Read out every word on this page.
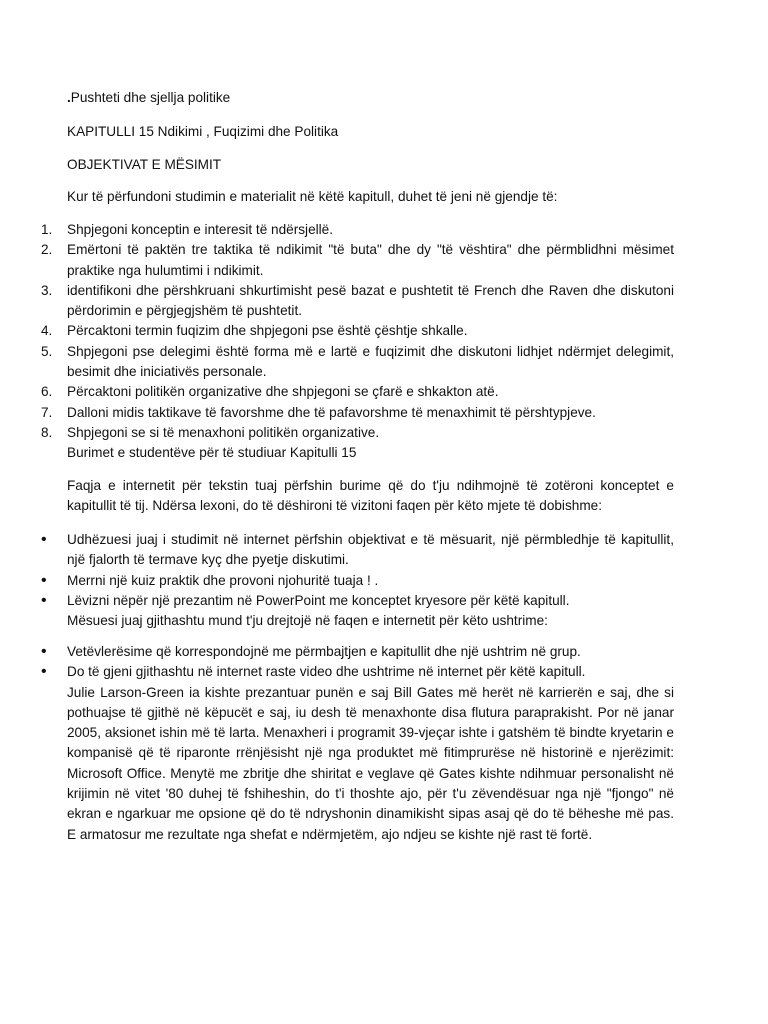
.Pushteti dhe sjellja politike
KAPITULLI 15 Ndikimi , Fuqizimi dhe Politika
OBJEKTIVAT E MËSIMIT
Kur të përfundoni studimin e materialit në këtë kapitull, duhet të jeni në gjendje të:
1. Shpjegoni konceptin e interesit të ndërsjellë.
2. Emërtoni të paktën tre taktika të ndikimit "të buta" dhe dy "të vështira" dhe përmblidhni mësimet praktike nga hulumtimi i ndikimit.
3. identifikoni dhe përshkruani shkurtimisht pesë bazat e pushtetit të French dhe Raven dhe diskutoni përdorimin e përgjegjshëm të pushtetit.
4. Përcaktoni termin fuqizim dhe shpjegoni pse është çështje shkalle.
5. Shpjegoni pse delegimi është forma më e lartë e fuqizimit dhe diskutoni lidhjet ndërmjet delegimit, besimit dhe iniciativës personale.
6. Përcaktoni politikën organizative dhe shpjegoni se çfarë e shkakton atë.
7. Dalloni midis taktikave të favorshme dhe të pafavorshme të menaxhimit të përshtypjeve.
8. Shpjegoni se si të menaxhoni politikën organizative.
Burimet e studentëve për të studiuar Kapitulli 15
Faqja e internetit për tekstin tuaj përfshin burime që do t'ju ndihmojnë të zotëroni konceptet e kapitullit të tij. Ndërsa lexoni, do të dëshironi të vizitoni faqen për këto mjete të dobishme:
• Udhëzuesi juaj i studimit në internet përfshin objektivat e të mësuarit, një përmbledhje të kapitullit, një fjalorth të termave kyç dhe pyetje diskutimi.
• Merrni një kuiz praktik dhe provoni njohuritë tuaja ! .
• Lëvizni nëpër një prezantim në PowerPoint me konceptet kryesore për këtë kapitull.
Mësuesi juaj gjithashtu mund t'ju drejtojë në faqen e internetit për këto ushtrime:
• Vetëvlerësime që korrespondojnë me përmbajtjen e kapitullit dhe një ushtrim në grup.
• Do të gjeni gjithashtu në internet raste video dhe ushtrime në internet për këtë kapitull.
Julie Larson-Green ia kishte prezantuar punën e saj Bill Gates më herët në karrierën e saj, dhe si pothuajse të gjithë në këpucët e saj, iu desh të menaxhonte disa flutura paraprakisht. Por në janar 2005, aksionet ishin më të larta. Menaxheri i programit 39-vjeçar ishte i gatshëm të bindte kryetarin e kompanisë që të riparonte rrënjësisht një nga produktet më fitimprurëse në historinë e njerëzimit: Microsoft Office. Menytë me zbritje dhe shiritat e veglave që Gates kishte ndihmuar personalisht në krijimin në vitet '80 duhej të fshiheshin, do t'i thoshte ajo, për t'u zëvendësuar nga një "fjongo" në ekran e ngarkuar me opsione që do të ndryshonin dinamikisht sipas asaj që do të bëheshe më pas. E armatosur me rezultate nga shefat e ndërmjetëm, ajo ndjeu se kishte një rast të fortë.
